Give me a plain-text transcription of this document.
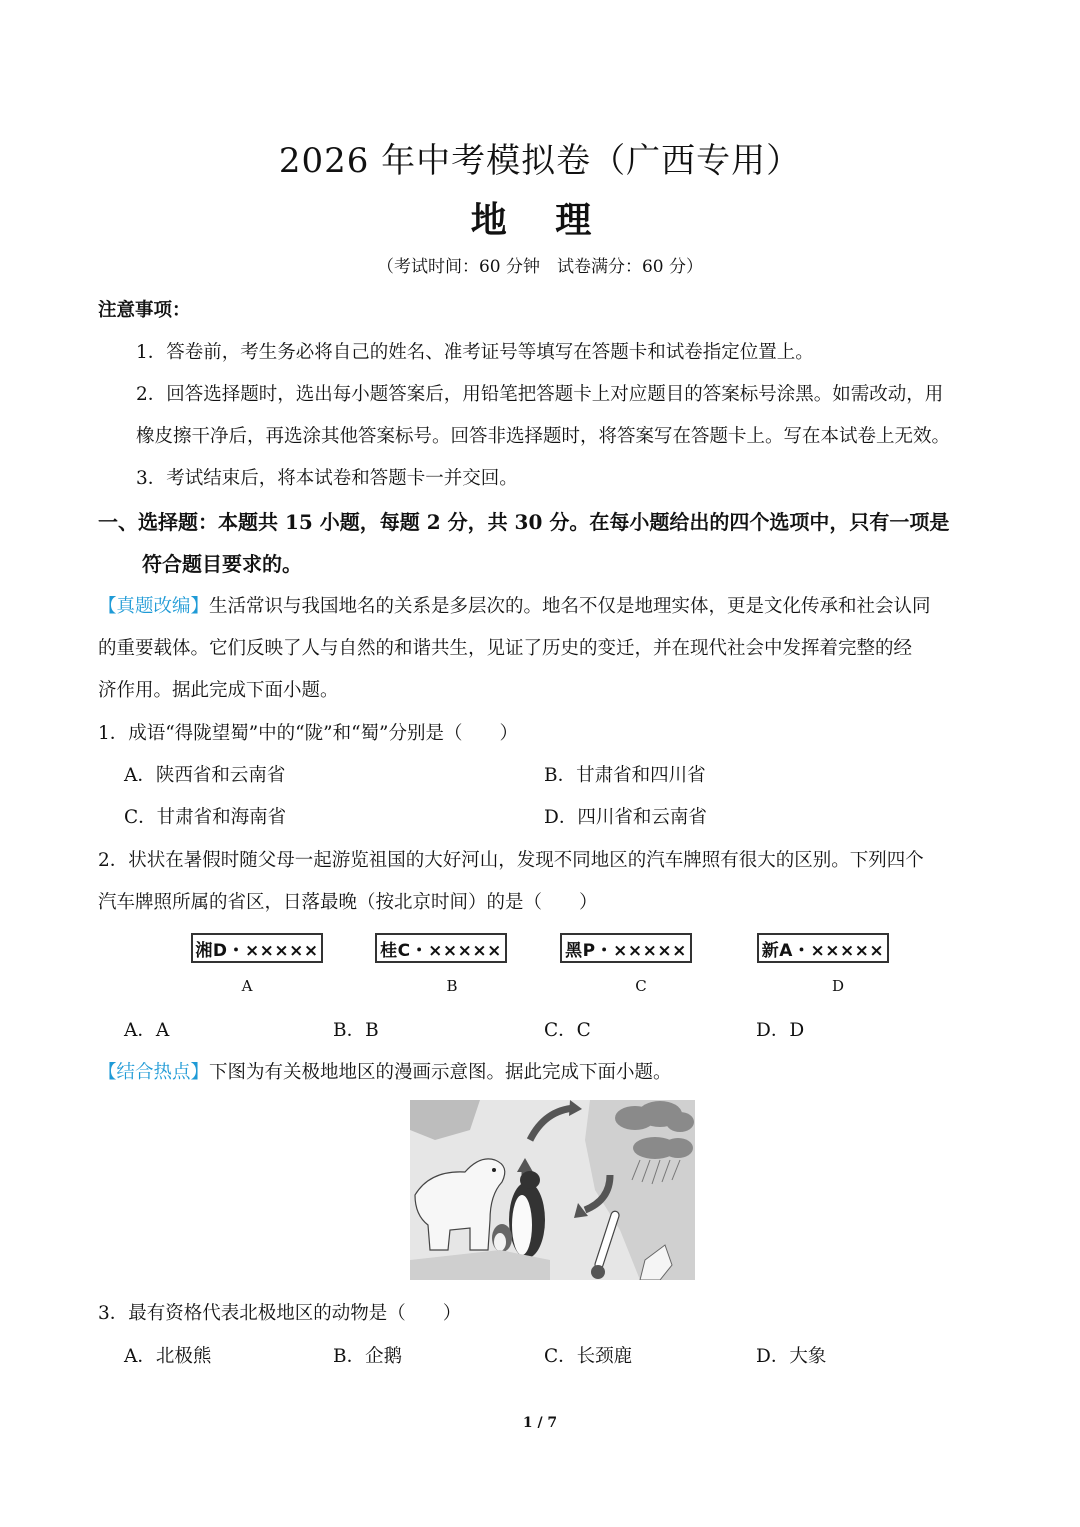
2026 年中考模拟卷（广西专用）
地 理
（考试时间：60 分钟　试卷满分：60 分）
注意事项：
1．答卷前，考生务必将自己的姓名、准考证号等填写在答题卡和试卷指定位置上。
2．回答选择题时，选出每小题答案后，用铅笔把答题卡上对应题目的答案标号涂黑。如需改动，用
橡皮擦干净后，再选涂其他答案标号。回答非选择题时，将答案写在答题卡上。写在本试卷上无效。
3．考试结束后，将本试卷和答题卡一并交回。
一、选择题：本题共 15 小题，每题 2 分，共 30 分。在每小题给出的四个选项中，只有一项是
符合题目要求的。
【真题改编】生活常识与我国地名的关系是多层次的。地名不仅是地理实体，更是文化传承和社会认同
的重要载体。它们反映了人与自然的和谐共生，见证了历史的变迁，并在现代社会中发挥着完整的经
济作用。据此完成下面小题。
1．成语“得陇望蜀”中的“陇”和“蜀”分别是（　　）
A．陕西省和云南省	B．甘肃省和四川省
C．甘肃省和海南省	D．四川省和云南省
2．状状在暑假时随父母一起游览祖国的大好河山，发现不同地区的汽车牌照有很大的区别。下列四个
汽车牌照所属的省区，日落最晚（按北京时间）的是（　　）
湘D・×××××	桂C・×××××	黑P・×××××	新A・×××××
A	B	C	D
A．A	B．B	C．C	D．D
【结合热点】下图为有关极地地区的漫画示意图。据此完成下面小题。
3．最有资格代表北极地区的动物是（　　）
A．北极熊	B．企鹅	C．长颈鹿	D．大象
1 / 7
